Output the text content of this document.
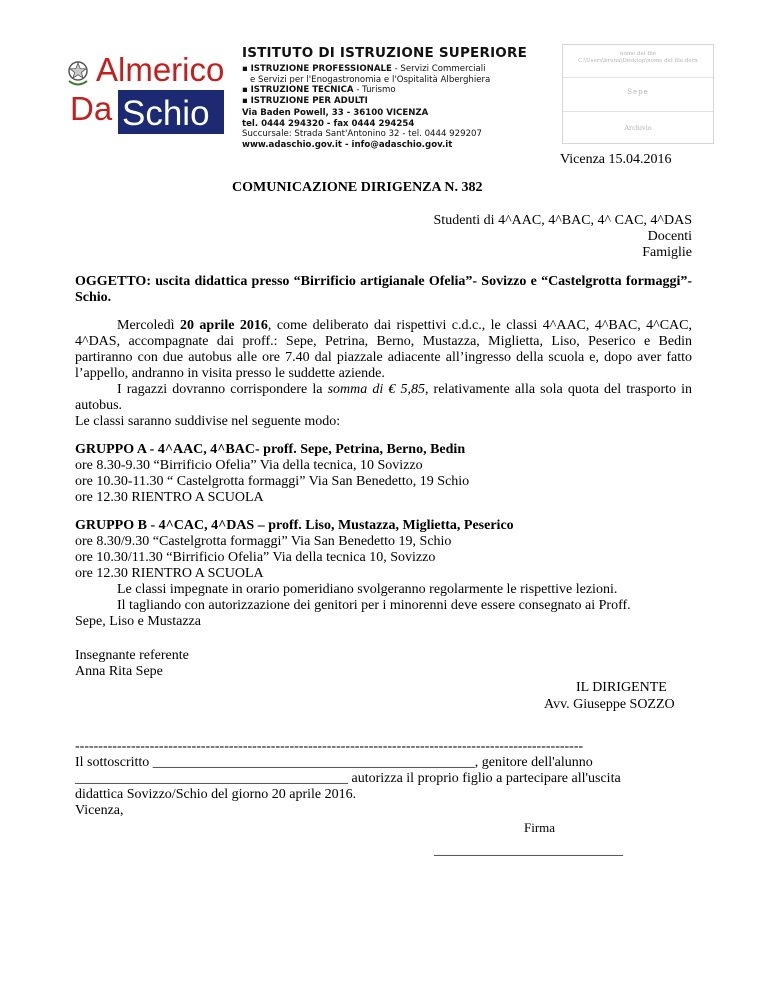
Almerico
Da Schio
ISTITUTO DI ISTRUZIONE SUPERIORE
▪ ISTRUZIONE PROFESSIONALE - Servizi Commerciali
e Servizi per l'Enogastronomia e l'Ospitalità Alberghiera
▪ ISTRUZIONE TECNICA - Turismo
▪ ISTRUZIONE PER ADULTI
Via Baden Powell, 33 - 36100 VICENZA
tel. 0444 294320 - fax 0444 294254
Succursale: Strada Sant'Antonino 32 - tel. 0444 929207
www.adaschio.gov.it - info@adaschio.gov.it
nome del file
C:\Users\bruna\Desktop\nome del file.docx
Sepe
Archivio
Vicenza 15.04.2016
COMUNICAZIONE DIRIGENZA N. 382
Studenti di 4^AAC, 4^BAC, 4^ CAC, 4^DAS
Docenti
Famiglie
OGGETTO: uscita didattica presso “Birrificio artigianale Ofelia”- Sovizzo e “Castelgrotta formaggi”- Schio.
Mercoledì 20 aprile 2016, come deliberato dai rispettivi c.d.c., le classi 4^AAC, 4^BAC, 4^CAC, 4^DAS, accompagnate dai proff.: Sepe, Petrina, Berno, Mustazza, Miglietta, Liso, Peserico e Bedin partiranno con due autobus alle ore 7.40 dal piazzale adiacente all’ingresso della scuola e, dopo aver fatto l’appello, andranno in visita presso le suddette aziende.
I ragazzi dovranno corrispondere la somma di € 5,85, relativamente alla sola quota del trasporto in autobus.
Le classi saranno suddivise nel seguente modo:
GRUPPO A - 4^AAC, 4^BAC- proff. Sepe, Petrina, Berno, Bedin
ore 8.30-9.30 “Birrificio Ofelia” Via della tecnica, 10 Sovizzo
ore 10.30-11.30 “ Castelgrotta formaggi” Via San Benedetto, 19 Schio
ore 12.30 RIENTRO A SCUOLA
GRUPPO B - 4^CAC, 4^DAS – proff. Liso, Mustazza, Miglietta, Peserico
ore 8.30/9.30 “Castelgrotta formaggi” Via San Benedetto 19, Schio
ore 10.30/11.30 “Birrificio Ofelia” Via della tecnica 10, Sovizzo
ore 12.30 RIENTRO A SCUOLA
Le classi impegnate in orario pomeridiano svolgeranno regolarmente le rispettive lezioni.
Il tagliando con autorizzazione dei genitori per i minorenni deve essere consegnato ai Proff.
Sepe, Liso e Mustazza
Insegnante referente
Anna Rita Sepe
IL DIRIGENTE
Avv. Giuseppe SOZZO
-------------------------------------------------------------------------------------------------------------
Il sottoscritto ______________________________________________, genitore dell'alunno
_______________________________________ autorizza il proprio figlio a partecipare all'uscita
didattica Sovizzo/Schio del giorno 20 aprile 2016.
Vicenza,
Firma
___________________________
